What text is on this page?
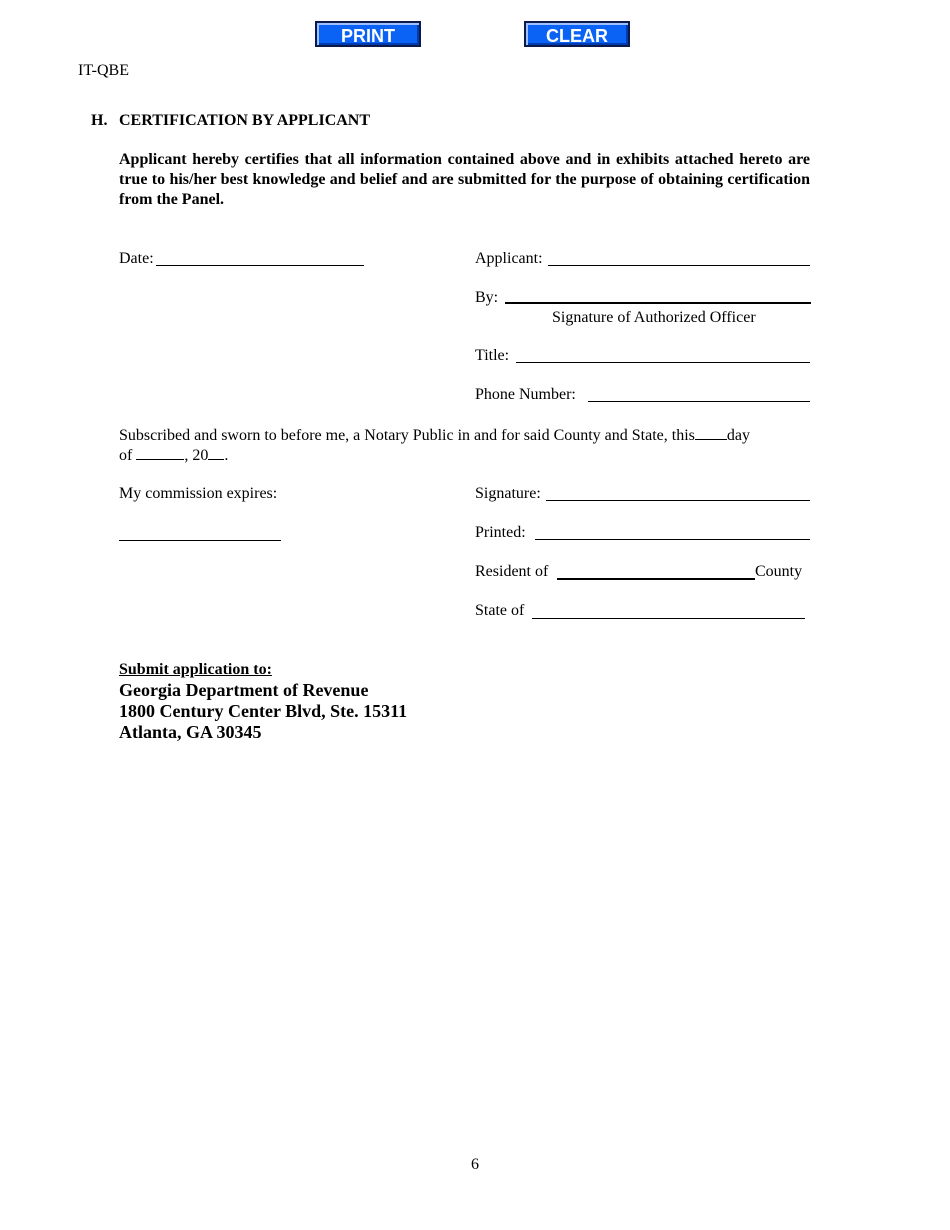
PRINT	CLEAR
IT-QBE
H. CERTIFICATION BY APPLICANT
Applicant hereby certifies that all information contained above and in exhibits attached hereto are true to his/her best knowledge and belief and are submitted for the purpose of obtaining certification from the Panel.
Date:	Applicant:
By:
Signature of Authorized Officer
Title:
Phone Number:
Subscribed and sworn to before me, a Notary Public in and for said County and State, this day
of	, 20 .
My commission expires:	Signature:
Printed:
Resident of	County
State of
Submit application to:
Georgia Department of Revenue
1800 Century Center Blvd, Ste. 15311
Atlanta, GA 30345
6
